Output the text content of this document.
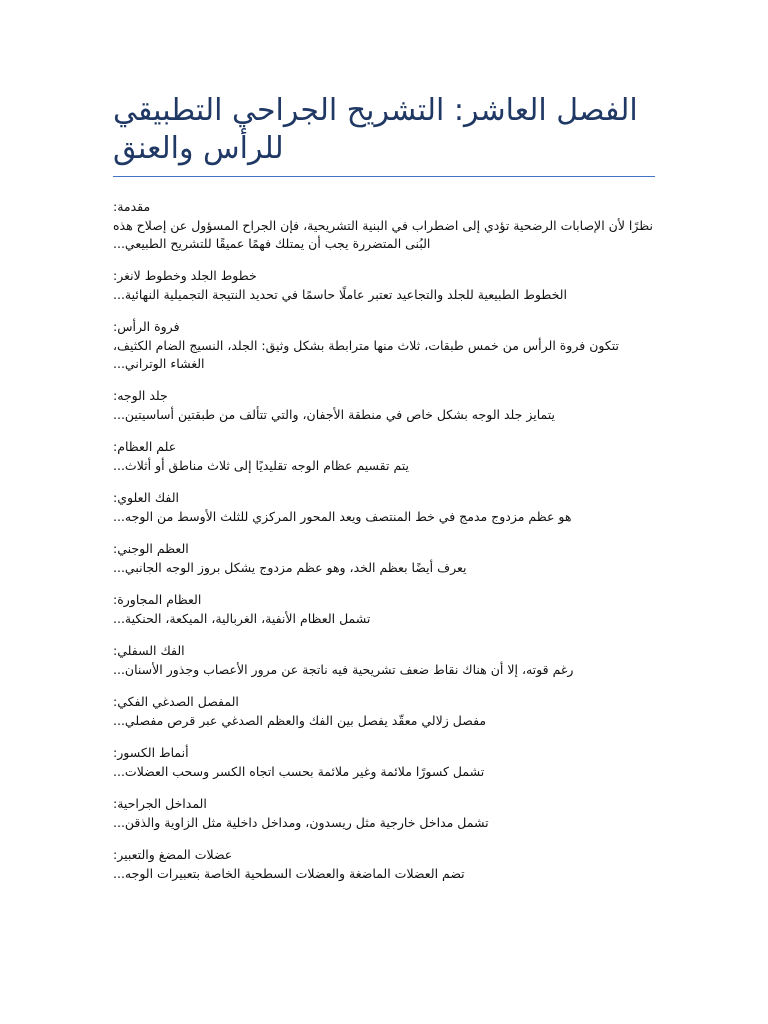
الفصل العاشر: التشريح الجراحي التطبيقي للرأس والعنق

مقدمة:

نظرًا لأن الإصابات الرضحية تؤدي إلى اضطراب في البنية التشريحية، فإن الجراح المسؤول عن إصلاح هذه البُنى المتضررة يجب أن يمتلك فهمًا عميقًا للتشريح الطبيعي...

خطوط الجلد وخطوط لانغر:

الخطوط الطبيعية للجلد والتجاعيد تعتبر عاملًا حاسمًا في تحديد النتيجة التجميلية النهائية...

فروة الرأس:

تتكون فروة الرأس من خمس طبقات، ثلاث منها مترابطة بشكل وثيق: الجلد، النسيج الضام الكثيف، الغشاء الوتراني...

جلد الوجه:

يتمايز جلد الوجه بشكل خاص في منطقة الأجفان، والتي تتألف من طبقتين أساسيتين...

علم العظام:

يتم تقسيم عظام الوجه تقليديًا إلى ثلاث مناطق أو أثلاث...

الفك العلوي:

هو عظم مزدوج مدمج في خط المنتصف ويعد المحور المركزي للثلث الأوسط من الوجه...

العظم الوجني:

يعرف أيضًا بعظم الخد، وهو عظم مزدوج يشكل بروز الوجه الجانبي...

العظام المجاورة:

تشمل العظام الأنفية، الغربالية، الميكعة، الحنكية...

الفك السفلي:

رغم قوته، إلا أن هناك نقاط ضعف تشريحية فيه ناتجة عن مرور الأعصاب وجذور الأسنان...

المفصل الصدغي الفكي:

مفصل زلالي معقّد يفصل بين الفك والعظم الصدغي عبر قرص مفصلي...

أنماط الكسور:

تشمل كسورًا ملائمة وغير ملائمة بحسب اتجاه الكسر وسحب العضلات...

المداخل الجراحية:

تشمل مداخل خارجية مثل ريسدون، ومداخل داخلية مثل الزاوية والذقن...

عضلات المضغ والتعبير:

تضم العضلات الماضغة والعضلات السطحية الخاصة بتعبيرات الوجه...
